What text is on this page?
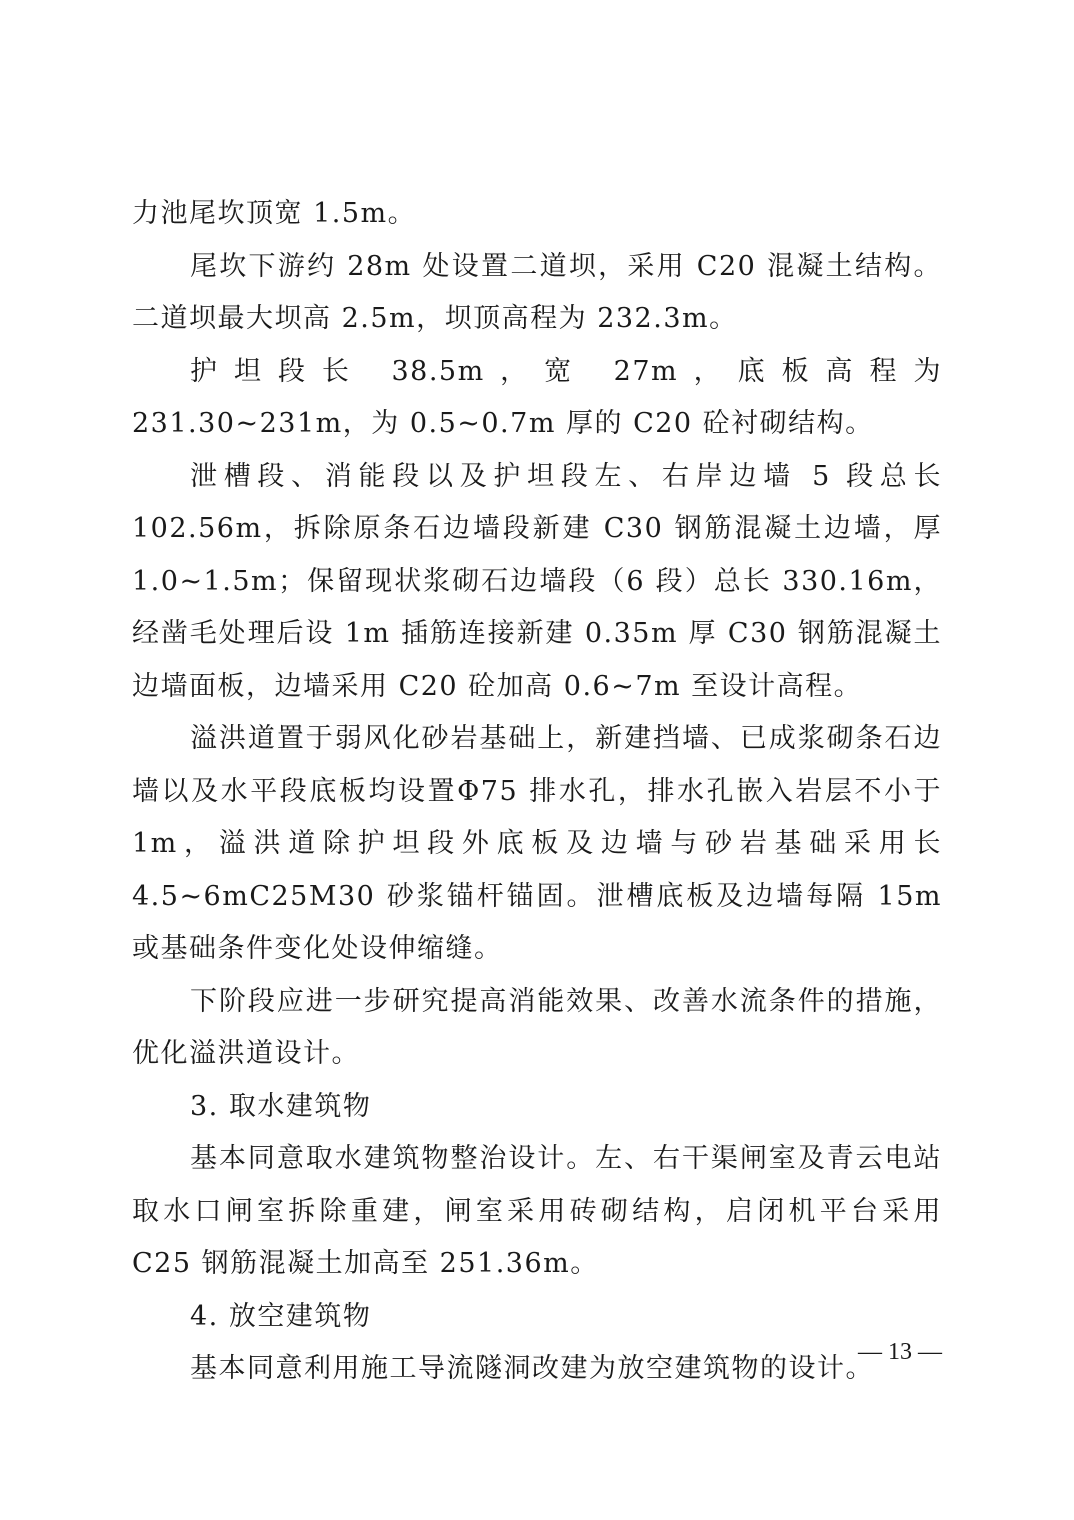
力池尾坎顶宽 1.5m。

尾坎下游约 28m 处设置二道坝，采用 C20 混凝土结构。二道坝最大坝高 2.5m，坝顶高程为 232.3m。

护坦段长 38.5m，宽 27m，底板高程为 231.30~231m，为 0.5~0.7m 厚的 C20 砼衬砌结构。

泄槽段、消能段以及护坦段左、右岸边墙 5 段总长 102.56m，拆除原条石边墙段新建 C30 钢筋混凝土边墙，厚 1.0~1.5m；保留现状浆砌石边墙段（6 段）总长 330.16m，经凿毛处理后设 1m 插筋连接新建 0.35m 厚 C30 钢筋混凝土边墙面板，边墙采用 C20 砼加高 0.6~7m 至设计高程。

溢洪道置于弱风化砂岩基础上，新建挡墙、已成浆砌条石边墙以及水平段底板均设置Φ75 排水孔，排水孔嵌入岩层不小于 1m，溢洪道除护坦段外底板及边墙与砂岩基础采用长 4.5~6mC25M30 砂浆锚杆锚固。泄槽底板及边墙每隔 15m 或基础条件变化处设伸缩缝。

下阶段应进一步研究提高消能效果、改善水流条件的措施，优化溢洪道设计。

3. 取水建筑物

基本同意取水建筑物整治设计。左、右干渠闸室及青云电站取水口闸室拆除重建，闸室采用砖砌结构，启闭机平台采用 C25 钢筋混凝土加高至 251.36m。

4. 放空建筑物

基本同意利用施工导流隧洞改建为放空建筑物的设计。

— 13 —
